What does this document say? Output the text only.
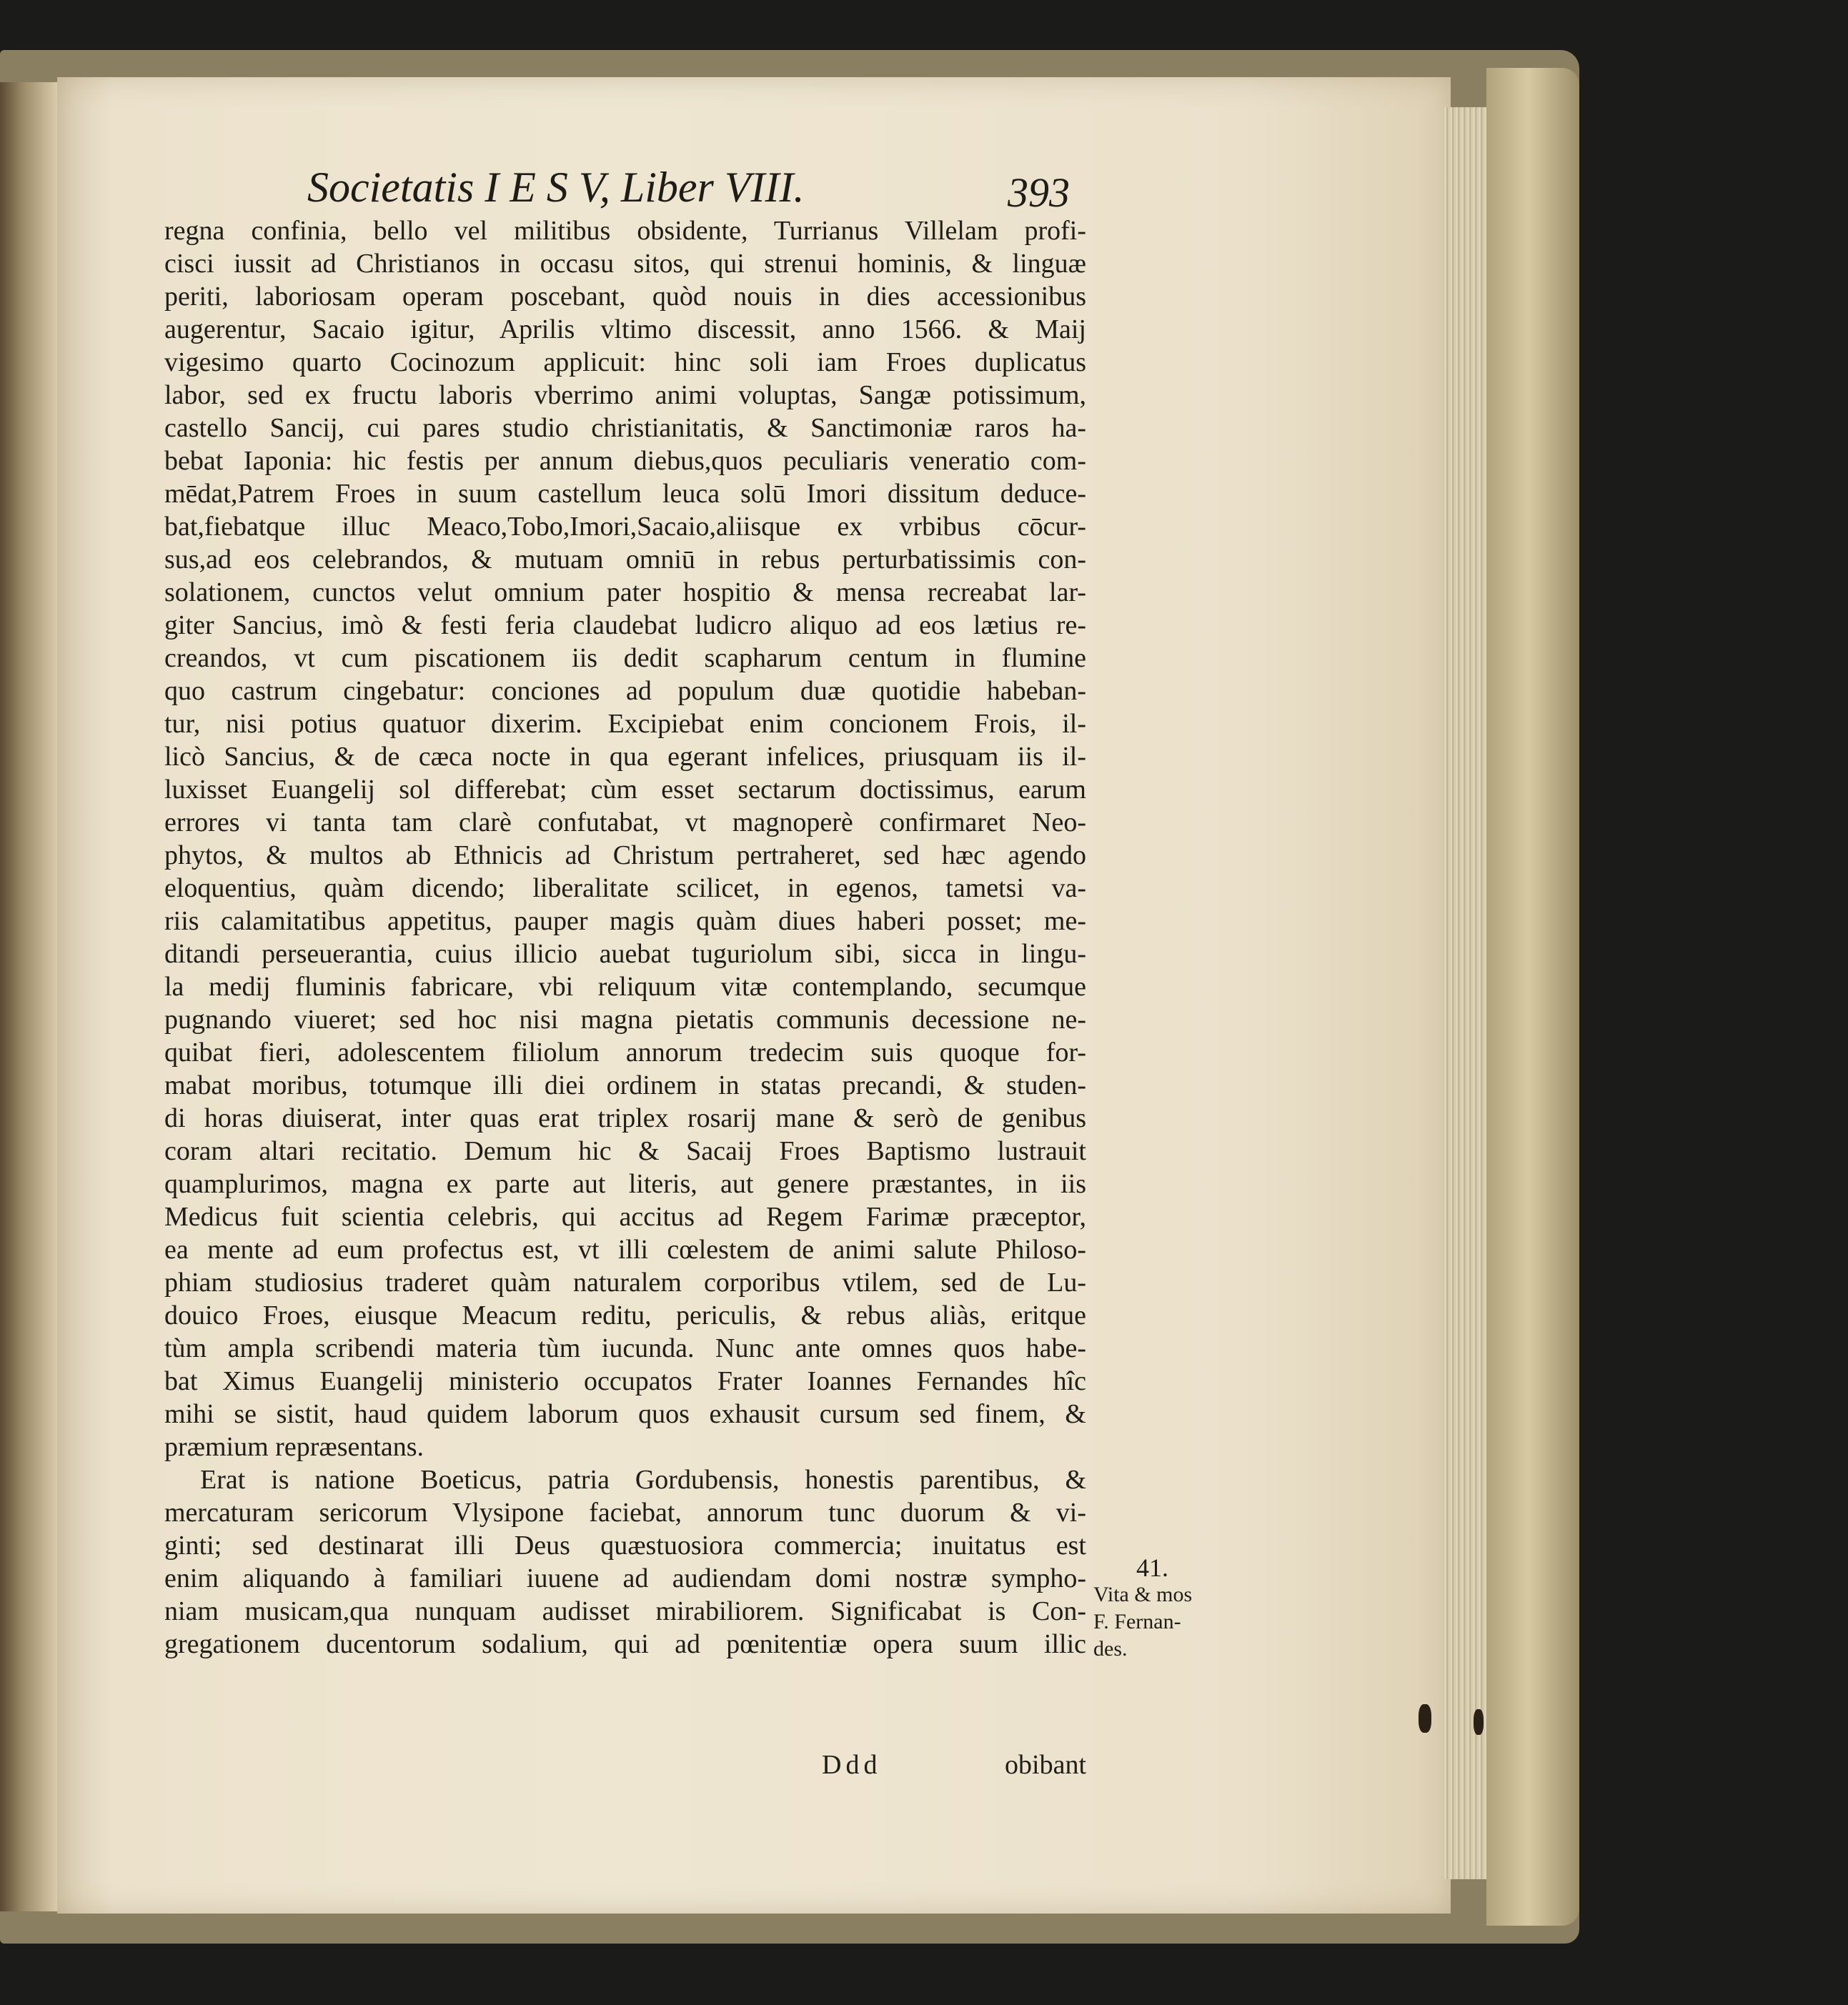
Societatis I E S V, Liber VIII.	393
regna confinia, bello vel militibus obsidente, Turrianus Villelam profi-
cisci iussit ad Christianos in occasu sitos, qui strenui hominis, & linguæ
periti, laboriosam operam poscebant, quòd nouis in dies accessionibus
augerentur, Sacaio igitur, Aprilis vltimo discessit, anno 1566. & Maij
vigesimo quarto Cocinozum applicuit: hinc soli iam Froes duplicatus
labor, sed ex fructu laboris vberrimo animi voluptas, Sangæ potissimum,
castello Sancij, cui pares studio christianitatis, & Sanctimoniæ raros ha-
bebat Iaponia: hic festis per annum diebus,quos peculiaris veneratio com-
mēdat,Patrem Froes in suum castellum leuca solū Imori dissitum deduce-
bat,fiebatque illuc Meaco,Tobo,Imori,Sacaio,aliisque ex vrbibus cōcur-
sus,ad eos celebrandos, & mutuam omniū in rebus perturbatissimis con-
solationem, cunctos velut omnium pater hospitio & mensa recreabat lar-
giter Sancius, imò & festi feria claudebat ludicro aliquo ad eos lætius re-
creandos, vt cum piscationem iis dedit scapharum centum in flumine
quo castrum cingebatur: conciones ad populum duæ quotidie habeban-
tur, nisi potius quatuor dixerim. Excipiebat enim concionem Frois, il-
licò Sancius, & de cæca nocte in qua egerant infelices, priusquam iis il-
luxisset Euangelij sol differebat; cùm esset sectarum doctissimus, earum
errores vi tanta tam clarè confutabat, vt magnoperè confirmaret Neo-
phytos, & multos ab Ethnicis ad Christum pertraheret, sed hæc agendo
eloquentius, quàm dicendo; liberalitate scilicet, in egenos, tametsi va-
riis calamitatibus appetitus, pauper magis quàm diues haberi posset; me-
ditandi perseuerantia, cuius illicio auebat tuguriolum sibi, sicca in lingu-
la medij fluminis fabricare, vbi reliquum vitæ contemplando, secumque
pugnando viueret; sed hoc nisi magna pietatis communis decessione ne-
quibat fieri, adolescentem filiolum annorum tredecim suis quoque for-
mabat moribus, totumque illi diei ordinem in statas precandi, & studen-
di horas diuiserat, inter quas erat triplex rosarij mane & serò de genibus
coram altari recitatio. Demum hic & Sacaij Froes Baptismo lustrauit
quamplurimos, magna ex parte aut literis, aut genere præstantes, in iis
Medicus fuit scientia celebris, qui accitus ad Regem Farimæ præceptor,
ea mente ad eum profectus est, vt illi cœlestem de animi salute Philoso-
phiam studiosius traderet quàm naturalem corporibus vtilem, sed de Lu-
douico Froes, eiusque Meacum reditu, periculis, & rebus aliàs, eritque
tùm ampla scribendi materia tùm iucunda. Nunc ante omnes quos habe-
bat Ximus Euangelij ministerio occupatos Frater Ioannes Fernandes hîc
mihi se sistit, haud quidem laborum quos exhausit cursum sed finem, &
præmium repræsentans.
Erat is natione Boeticus, patria Gordubensis, honestis parentibus, &
mercaturam sericorum Vlysipone faciebat, annorum tunc duorum & vi-
ginti; sed destinarat illi Deus quæstuosiora commercia; inuitatus est
enim aliquando à familiari iuuene ad audiendam domi nostræ sympho-
niam musicam,qua nunquam audisset mirabiliorem. Significabat is Con-
gregationem ducentorum sodalium, qui ad pœnitentiæ opera suum illic
Ddd	obibant
41.
Vita & mos
F. Fernan-
des.
